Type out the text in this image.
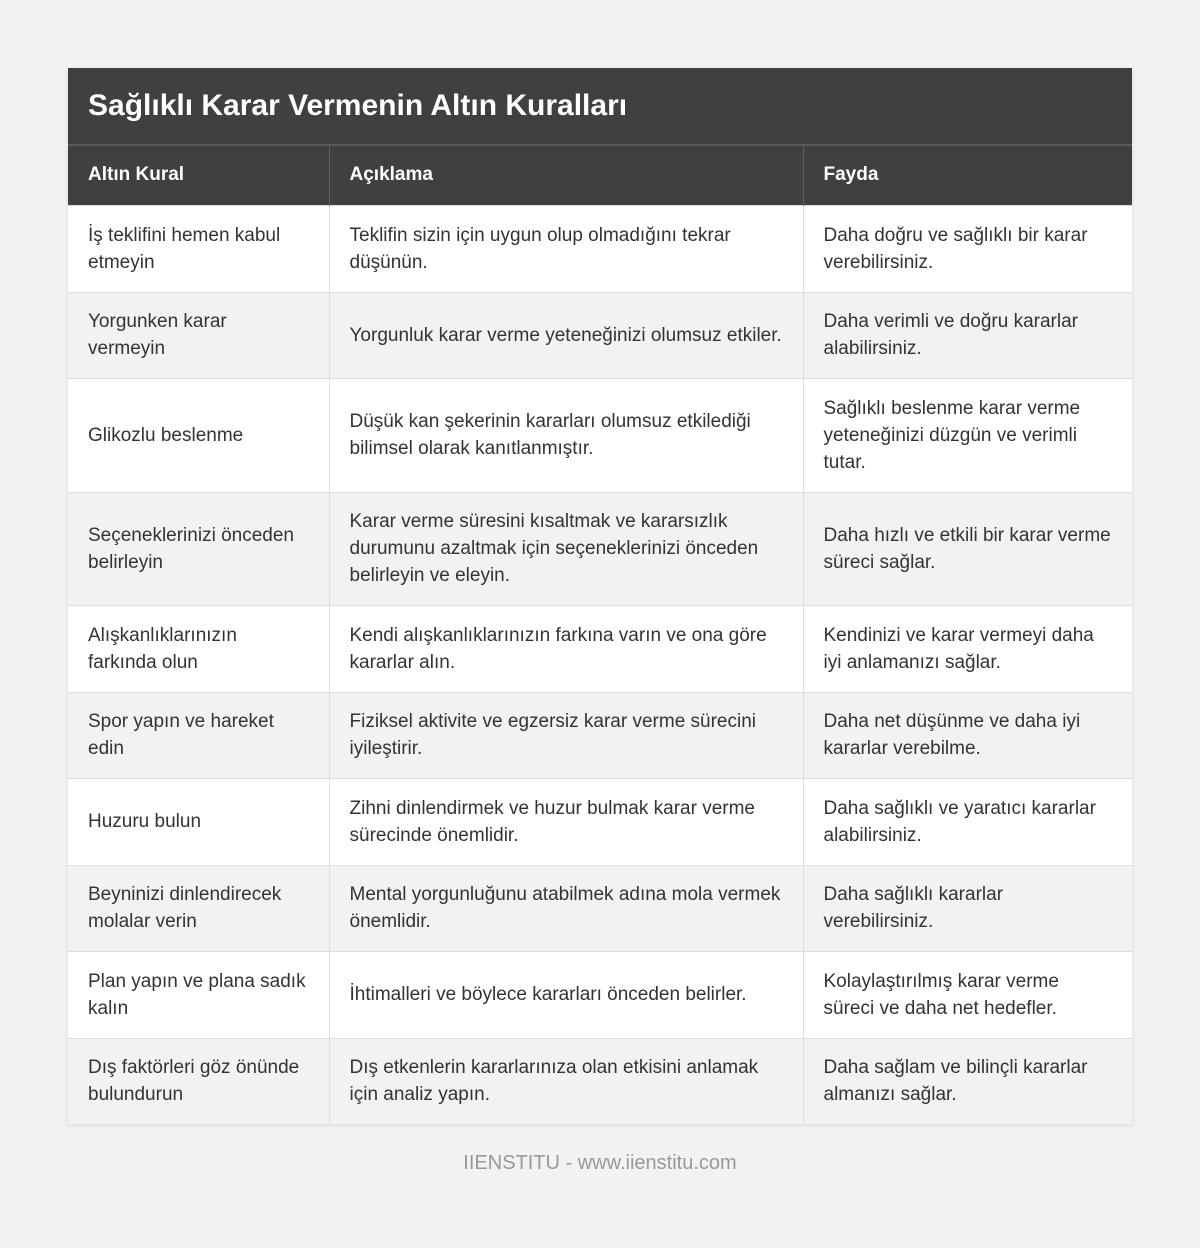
Sağlıklı Karar Vermenin Altın Kuralları
Altın Kural	Açıklama	Fayda
İş teklifini hemen kabul etmeyin	Teklifin sizin için uygun olup olmadığını tekrar düşünün.	Daha doğru ve sağlıklı bir karar verebilirsiniz.
Yorgunken karar vermeyin	Yorgunluk karar verme yeteneğinizi olumsuz etkiler.	Daha verimli ve doğru kararlar alabilirsiniz.
Glikozlu beslenme	Düşük kan şekerinin kararları olumsuz etkilediği bilimsel olarak kanıtlanmıştır.	Sağlıklı beslenme karar verme yeteneğinizi düzgün ve verimli tutar.
Seçeneklerinizi önceden belirleyin	Karar verme süresini kısaltmak ve kararsızlık durumunu azaltmak için seçeneklerinizi önceden belirleyin ve eleyin.	Daha hızlı ve etkili bir karar verme süreci sağlar.
Alışkanlıklarınızın farkında olun	Kendi alışkanlıklarınızın farkına varın ve ona göre kararlar alın.	Kendinizi ve karar vermeyi daha iyi anlamanızı sağlar.
Spor yapın ve hareket edin	Fiziksel aktivite ve egzersiz karar verme sürecini iyileştirir.	Daha net düşünme ve daha iyi kararlar verebilme.
Huzuru bulun	Zihni dinlendirmek ve huzur bulmak karar verme sürecinde önemlidir.	Daha sağlıklı ve yaratıcı kararlar alabilirsiniz.
Beyninizi dinlendirecek molalar verin	Mental yorgunluğunu atabilmek adına mola vermek önemlidir.	Daha sağlıklı kararlar verebilirsiniz.
Plan yapın ve plana sadık kalın	İhtimalleri ve böylece kararları önceden belirler.	Kolaylaştırılmış karar verme süreci ve daha net hedefler.
Dış faktörleri göz önünde bulundurun	Dış etkenlerin kararlarınıza olan etkisini anlamak için analiz yapın.	Daha sağlam ve bilinçli kararlar almanızı sağlar.
IIENSTITU - www.iienstitu.com
